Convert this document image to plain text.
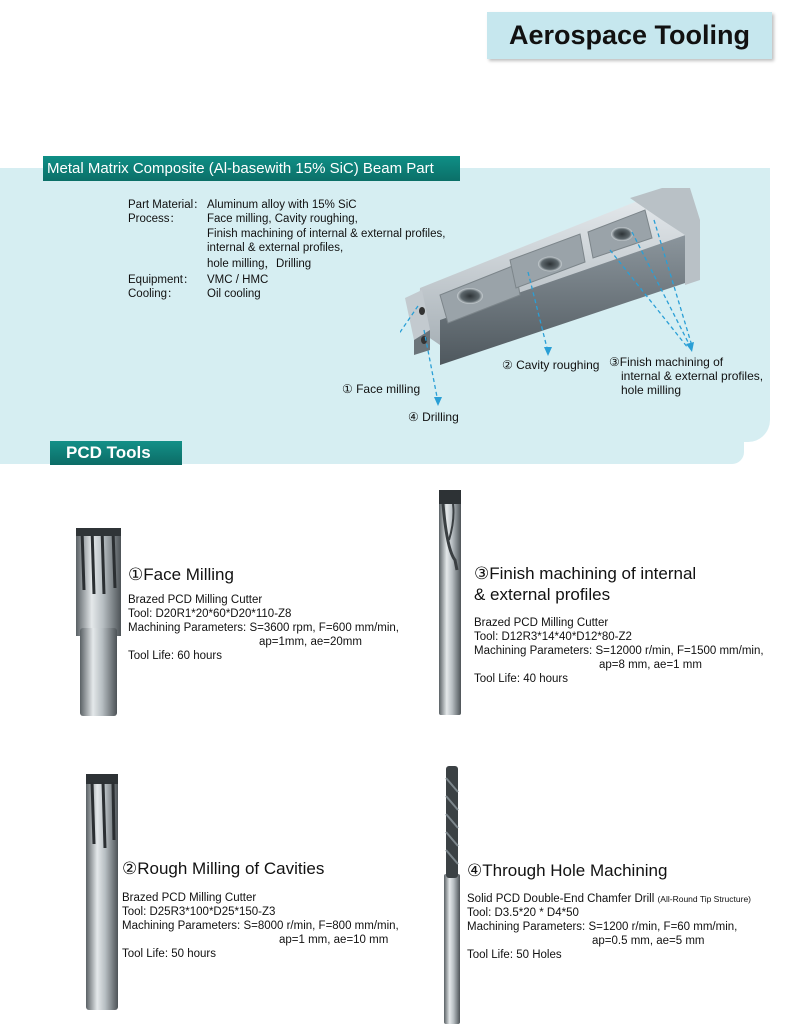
Aerospace Tooling
Metal Matrix Composite (Al-basewith 15% SiC) Beam Part
Part Material： Aluminum alloy with 15% SiC
Process： Face milling, Cavity roughing,
Finish machining of internal & external profiles,
internal & external profiles,
hole milling，Drilling
Equipment： VMC / HMC
Cooling： Oil cooling
① Face milling
④ Drilling
② Cavity roughing ③Finish machining of
internal & external profiles,
hole milling
PCD Tools
①Face Milling
Brazed PCD Milling Cutter
Tool: D20R1*20*60*D20*110-Z8
Machining Parameters: S=3600 rpm, F=600 mm/min,
ap=1mm, ae=20mm
Tool Life: 60 hours
③Finish machining of internal
& external profiles
Brazed PCD Milling Cutter
Tool: D12R3*14*40*D12*80-Z2
Machining Parameters: S=12000 r/min, F=1500 mm/min,
ap=8 mm, ae=1 mm
Tool Life: 40 hours
②Rough Milling of Cavities
Brazed PCD Milling Cutter
Tool: D25R3*100*D25*150-Z3
Machining Parameters: S=8000 r/min, F=800 mm/min,
ap=1 mm, ae=10 mm
Tool Life: 50 hours
④Through Hole Machining
Solid PCD Double-End Chamfer Drill (All-Round Tip Structure)
Tool: D3.5*20 * D4*50
Machining Parameters: S=1200 r/min, F=60 mm/min,
ap=0.5 mm, ae=5 mm
Tool Life: 50 Holes
